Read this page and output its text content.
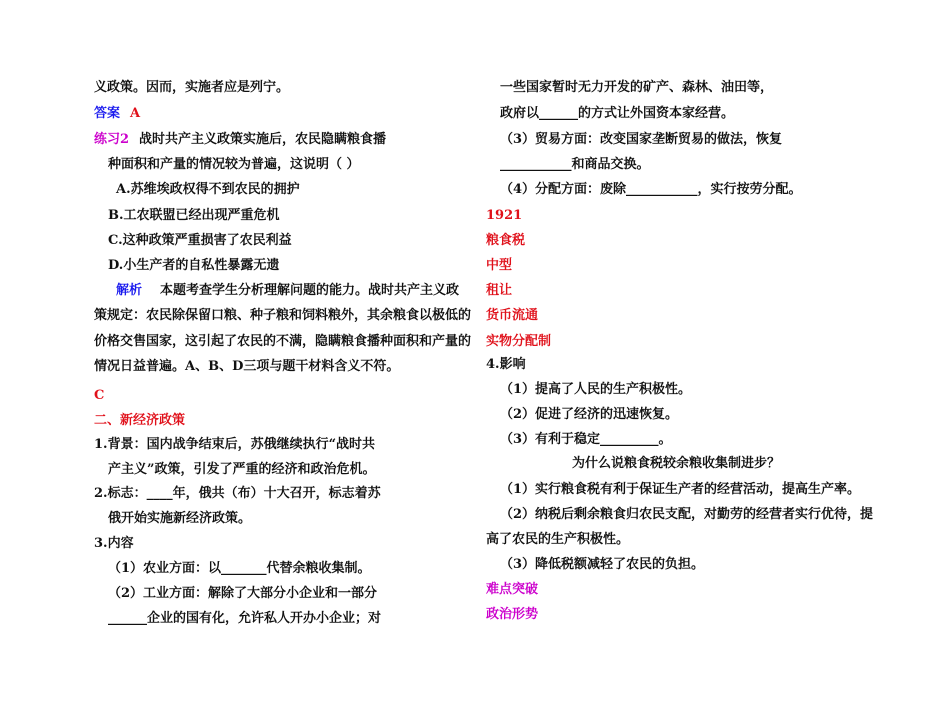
义政策。因而，实施者应是列宁。
答案 A
练习2 战时共产主义政策实施后，农民隐瞒粮食播
种面积和产量的情况较为普遍，这说明（ ）
A.苏维埃政权得不到农民的拥护
B.工农联盟已经出现严重危机
C.这种政策严重损害了农民利益
D.小生产者的自私性暴露无遗
解析 本题考查学生分析理解问题的能力。战时共产主义政
策规定：农民除保留口粮、种子粮和饲料粮外，其余粮食以极低的
价格交售国家，这引起了农民的不满，隐瞒粮食播种面积和产量的
情况日益普遍。A、B、D三项与题干材料含义不符。
C
二、新经济政策
1.背景：国内战争结束后，苏俄继续执行“战时共
产主义”政策，引发了严重的经济和政治危机。
2.标志：____年，俄共（布）十大召开，标志着苏
俄开始实施新经济政策。
3.内容
（1）农业方面：以_______代替余粮收集制。
（2）工业方面：解除了大部分小企业和一部分
______企业的国有化，允许私人开办小企业；对
一些国家暂时无力开发的矿产、森林、油田等，
政府以______的方式让外国资本家经营。
（3）贸易方面：改变国家垄断贸易的做法，恢复
___________和商品交换。
（4）分配方面：废除___________，实行按劳分配。
1921
粮食税
中型
租让
货币流通
实物分配制
4.影响
（1）提高了人民的生产积极性。
（2）促进了经济的迅速恢复。
（3）有利于稳定_________。
为什么说粮食税较余粮收集制进步？
（1）实行粮食税有利于保证生产者的经营活动，提高生产率。
（2）纳税后剩余粮食归农民支配，对勤劳的经营者实行优待，提
高了农民的生产积极性。
（3）降低税额减轻了农民的负担。
难点突破
政治形势
